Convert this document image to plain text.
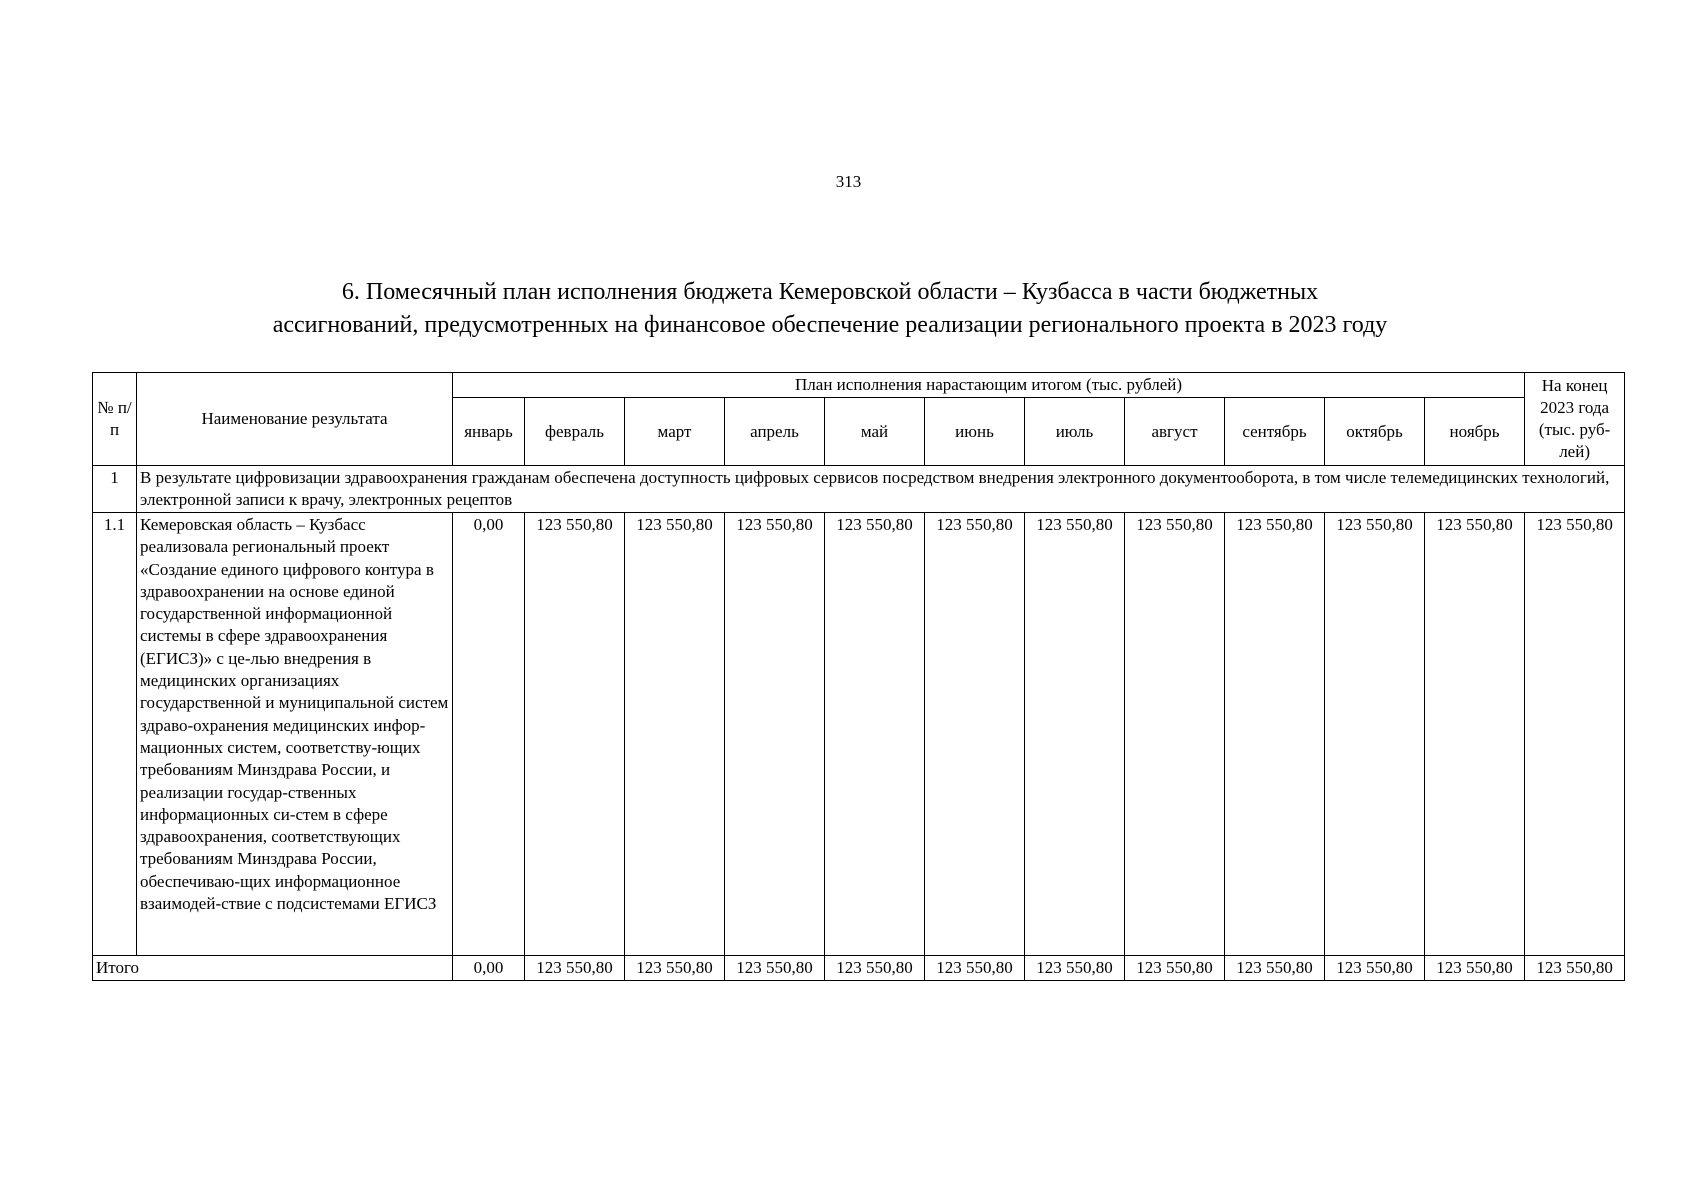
313
6. Помесячный план исполнения бюджета Кемеровской области – Кузбасса в части бюджетных
ассигнований, предусмотренных на финансовое обеспечение реализации регионального проекта в 2023 году
№ п/п	Наименование результата	План исполнения нарастающим итогом (тыс. рублей)											На конец 2023 года (тыс. руб-лей)
		январь	февраль	март	апрель	май	июнь	июль	август	сентябрь	октябрь	ноябрь	
1	В результате цифровизации здравоохранения гражданам обеспечена доступность цифровых сервисов посредством внедрения электронного документооборота, в том числе телемедицинских технологий, электронной записи к врачу, электронных рецептов												
1.1	Кемеровская область – Кузбасс реализовала региональный проект «Создание единого цифрового контура в здравоохранении на основе единой государственной информационной системы в сфере здравоохранения (ЕГИСЗ)» с це-лью внедрения в медицинских организациях государственной и муниципальной систем здраво-охранения медицинских инфор-мационных систем, соответству-ющих требованиям Минздрава России, и реализации государ-ственных информационных си-стем в сфере здравоохранения, соответствующих требованиям Минздрава России, обеспечиваю-щих информационное взаимодей-ствие с подсистемами ЕГИСЗ	0,00	123 550,80	123 550,80	123 550,80	123 550,80	123 550,80	123 550,80	123 550,80	123 550,80	123 550,80	123 550,80	123 550,80
Итого		0,00	123 550,80	123 550,80	123 550,80	123 550,80	123 550,80	123 550,80	123 550,80	123 550,80	123 550,80	123 550,80	123 550,80
